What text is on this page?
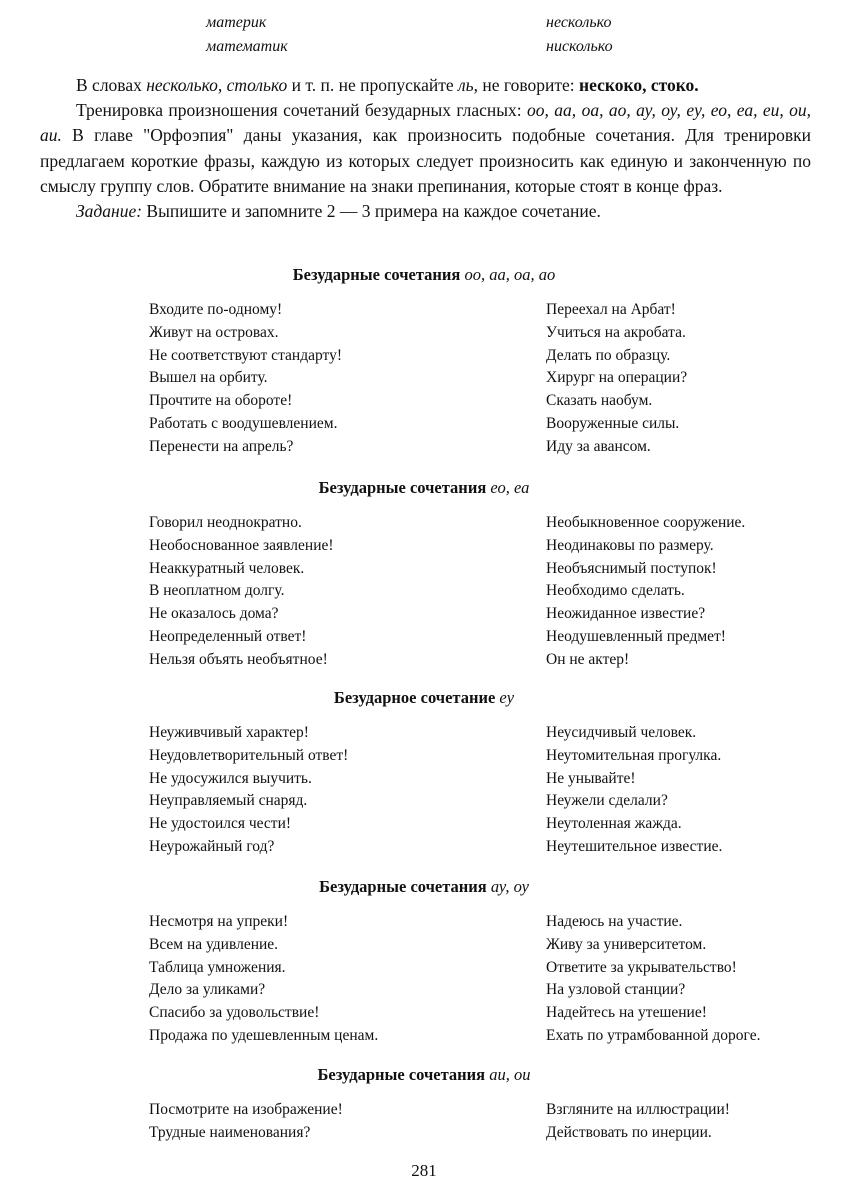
материк	несколько
математик	нисколько

В словах несколько, столько и т. п. не пропускайте ль, не говорите: нескоко, стоко.

Тренировка произношения сочетаний безударных гласных: оо, аа, оа, ао, ау, оу, еу, ео, еа, еи, ои, аи. В главе "Орфоэпия" даны указания, как произносить подобные сочетания. Для тренировки предлагаем короткие фразы, каждую из которых следует произносить как единую и законченную по смыслу группу слов. Обратите внимание на знаки препинания, которые стоят в конце фраз.

Задание: Выпишите и запомните 2 — 3 примера на каждое сочетание.

Безударные сочетания оо, аа, оа, ао
Входите по-одному!
Живут на островах.
Не соответствуют стандарту!
Вышел на орбиту.
Прочтите на обороте!
Работать с воодушевлением.
Перенести на апрель?
Переехал на Арбат!
Учиться на акробата.
Делать по образцу.
Хирург на операции?
Сказать наобум.
Вооруженные силы.
Иду за авансом.
Безударные сочетания ео, еа
Говорил неоднократно.
Необоснованное заявление!
Неаккуратный человек.
В неоплатном долгу.
Не оказалось дома?
Неопределенный ответ!
Нельзя объять необъятное!
Необыкновенное сооружение.
Неодинаковы по размеру.
Необъяснимый поступок!
Необходимо сделать.
Неожиданное известие?
Неодушевленный предмет!
Он не актер!
Безударное сочетание еу
Неуживчивый характер!
Неудовлетворительный ответ!
Не удосужился выучить.
Неуправляемый снаряд.
Не удостоился чести!
Неурожайный год?
Неусидчивый человек.
Неутомительная прогулка.
Не унывайте!
Неужели сделали?
Неутоленная жажда.
Неутешительное известие.
Безударные сочетания ау, оу
Несмотря на упреки!
Всем на удивление.
Таблица умножения.
Дело за уликами?
Спасибо за удовольствие!
Продажа по удешевленным ценам.
Надеюсь на участие.
Живу за университетом.
Ответите за укрывательство!
На узловой станции?
Надейтесь на утешение!
Ехать по утрамбованной дороге.
Безударные сочетания аи, ои
Посмотрите на изображение!
Трудные наименования?
Взгляните на иллюстрации!
Действовать по инерции.
281
